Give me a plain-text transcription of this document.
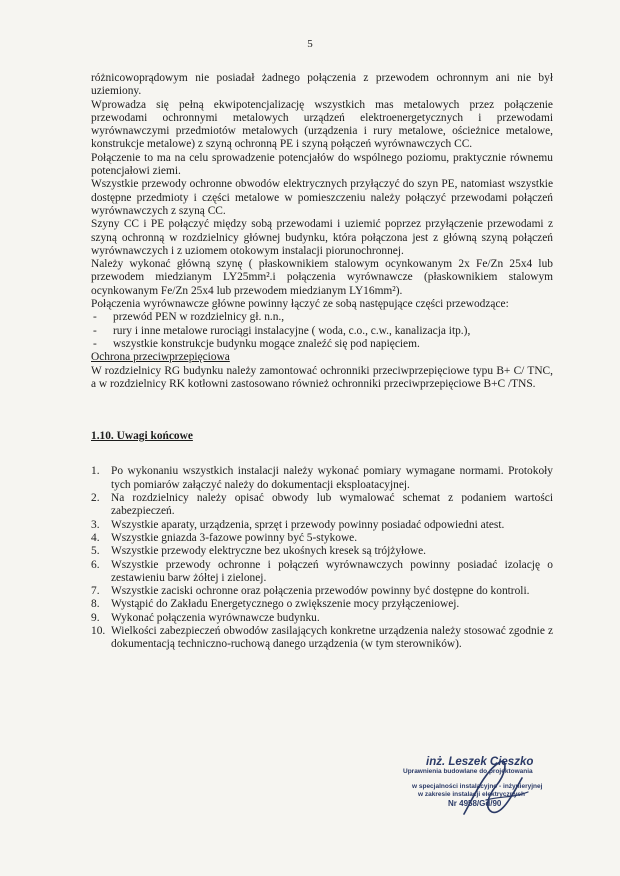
5

różnicowoprądowym nie posiadał żadnego połączenia z przewodem ochronnym ani nie był uziemiony.

Wprowadza się pełną ekwipotencjalizację wszystkich mas metalowych przez połączenie przewodami ochronnymi metalowych urządzeń elektroenergetycznych i przewodami wyrównawczymi przedmiotów metalowych (urządzenia i rury metalowe, ościeżnice metalowe, konstrukcje metalowe) z szyną ochronną PE i szyną połączeń wyrównawczych CC.

Połączenie to ma na celu sprowadzenie potencjałów do wspólnego poziomu, praktycznie równemu potencjałowi ziemi.

Wszystkie przewody ochronne obwodów elektrycznych przyłączyć do szyn PE, natomiast wszystkie dostępne przedmioty i części metalowe w pomieszczeniu należy połączyć przewodami połączeń wyrównawczych z szyną CC.

Szyny CC i PE połączyć między sobą przewodami i uziemić poprzez przyłączenie przewodami z szyną ochronną w rozdzielnicy głównej budynku, która połączona jest z główną szyną połączeń wyrównawczych i z uziomem otokowym instalacji piorunochronnej.

Należy wykonać główną szynę ( płaskownikiem stalowym ocynkowanym 2x Fe/Zn 25x4 lub przewodem miedzianym LY25mm².i połączenia wyrównawcze (płaskownikiem stalowym ocynkowanym Fe/Zn 25x4 lub przewodem miedzianym LY16mm²).

Połączenia wyrównawcze główne powinny łączyć ze sobą następujące części przewodzące:

- przewód PEN w rozdzielnicy gł. n.n.,
- rury i inne metalowe rurociągi instalacyjne ( woda, c.o., c.w., kanalizacja itp.),
- wszystkie konstrukcje budynku mogące znaleźć się pod napięciem.

Ochrona przeciwprzepięciowa

W rozdzielnicy RG budynku należy zamontować ochronniki przeciwprzepięciowe typu B+ C/ TNC, a w rozdzielnicy RK kotłowni zastosowano również ochronniki przeciwprzepięciowe B+C /TNS.

1.10. Uwagi końcowe
1. Po wykonaniu wszystkich instalacji należy wykonać pomiary wymagane normami. Protokoły tych pomiarów załączyć należy do dokumentacji eksploatacyjnej.
2. Na rozdzielnicy należy opisać obwody lub wymalować schemat z podaniem wartości zabezpieczeń.
3. Wszystkie aparaty, urządzenia, sprzęt i przewody powinny posiadać odpowiedni atest.
4. Wszystkie gniazda 3-fazowe powinny być 5-stykowe.
5. Wszystkie przewody elektryczne bez ukośnych kresek są trójżyłowe.
6. Wszystkie przewody ochronne i połączeń wyrównawczych powinny posiadać izolację o zestawieniu barw żółtej i zielonej.
7. Wszystkie zaciski ochronne oraz połączenia przewodów powinny być dostępne do kontroli.
8. Wystąpić do Zakładu Energetycznego o zwiększenie mocy przyłączeniowej.
9. Wykonać połączenia wyrównawcze budynku.
10. Wielkości zabezpieczeń obwodów zasilających konkretne urządzenia należy stosować zgodnie z dokumentacją techniczno-ruchową danego urządzenia (w tym sterowników).
inż. Leszek Cieszko
Uprawnienia budowlane do projektowania
w specjalności instalacyjno - inżynieryjnej
w zakresie instalacji elektrycznych
Nr 4958/Gd/90
